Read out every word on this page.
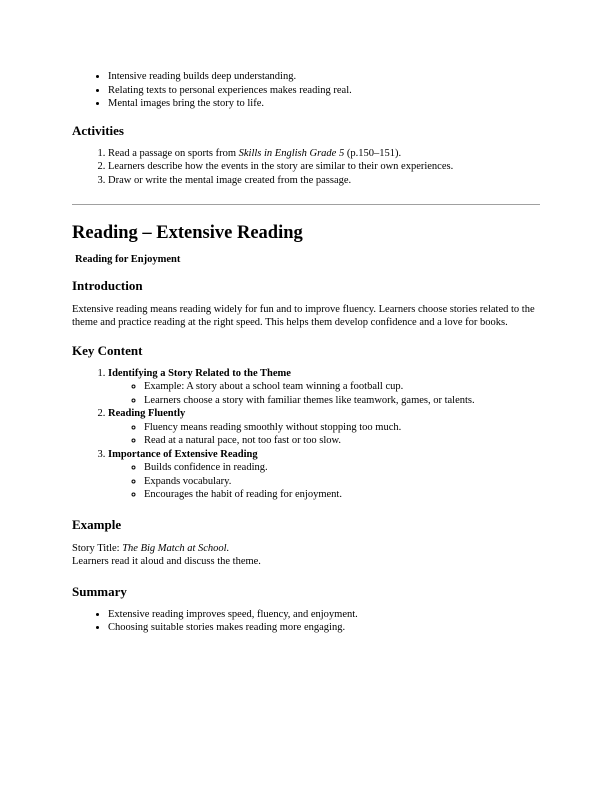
• Intensive reading builds deep understanding.
• Relating texts to personal experiences makes reading real.
• Mental images bring the story to life.
Activities
1. Read a passage on sports from Skills in English Grade 5 (p.150–151).
2. Learners describe how the events in the story are similar to their own experiences.
3. Draw or write the mental image created from the passage.
Reading – Extensive Reading
Reading for Enjoyment
Introduction

Extensive reading means reading widely for fun and to improve fluency. Learners choose stories related to the theme and practice reading at the right speed. This helps them develop confidence and a love for books.

Key Content
1. Identifying a Story Related to the Theme
◦ Example: A story about a school team winning a football cup.
◦ Learners choose a story with familiar themes like teamwork, games, or talents.
2. Reading Fluently
◦ Fluency means reading smoothly without stopping too much.
◦ Read at a natural pace, not too fast or too slow.
3. Importance of Extensive Reading
◦ Builds confidence in reading.
◦ Expands vocabulary.
◦ Encourages the habit of reading for enjoyment.
Example

Story Title: The Big Match at School.

Learners read it aloud and discuss the theme.

Summary
• Extensive reading improves speed, fluency, and enjoyment.
• Choosing suitable stories makes reading more engaging.
